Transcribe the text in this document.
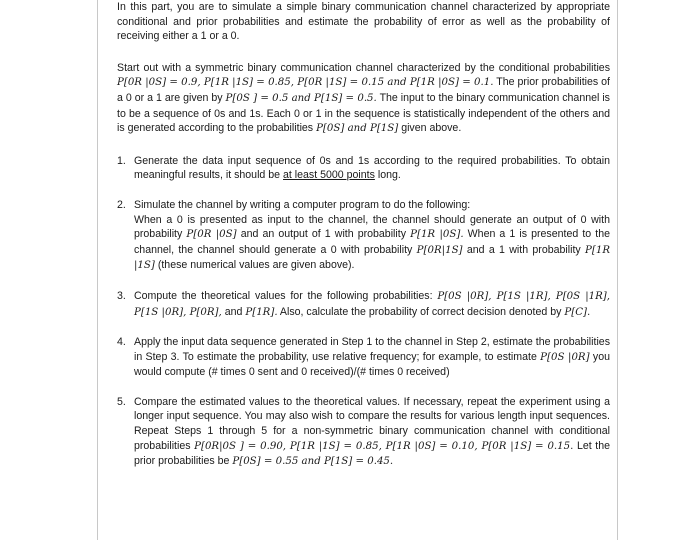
In this part, you are to simulate a simple binary communication channel characterized by appropriate conditional and prior probabilities and estimate the probability of error as well as the probability of receiving either a 1 or a 0.

Start out with a symmetric binary communication channel characterized by the conditional probabilities P[0R |0S] = 0.9, P[1R |1S] = 0.85, P[0R |1S] = 0.15 and P[1R |0S] = 0.1. The prior probabilities of a 0 or a 1 are given by P[0S ] = 0.5 and P[1S] = 0.5. The input to the binary communication channel is to be a sequence of 0s and 1s. Each 0 or 1 in the sequence is statistically independent of the others and is generated according to the probabilities P[0S] and P[1S] given above.

1. Generate the data input sequence of 0s and 1s according to the required probabilities. To obtain meaningful results, it should be at least 5000 points long.
2. Simulate the channel by writing a computer program to do the following:
When a 0 is presented as input to the channel, the channel should generate an output of 0 with probability P[0R |0S] and an output of 1 with probability P[1R |0S]. When a 1 is presented to the channel, the channel should generate a 0 with probability P[0R|1S] and a 1 with probability P[1R |1S] (these numerical values are given above).
3. Compute the theoretical values for the following probabilities: P[0S |0R], P[1S |1R], P[0S |1R], P[1S |0R], P[0R], and P[1R]. Also, calculate the probability of correct decision denoted by P[C].
4. Apply the input data sequence generated in Step 1 to the channel in Step 2, estimate the probabilities in Step 3. To estimate the probability, use relative frequency; for example, to estimate P[0S |0R] you would compute (# times 0 sent and 0 received)/(# times 0 received)
5. Compare the estimated values to the theoretical values. If necessary, repeat the experiment using a longer input sequence. You may also wish to compare the results for various length input sequences. Repeat Steps 1 through 5 for a non-symmetric binary communication channel with conditional probabilities P[0R|0S ] = 0.90, P[1R |1S] = 0.85, P[1R |0S] = 0.10, P[0R |1S] = 0.15. Let the prior probabilities be P[0S] = 0.55 and P[1S] = 0.45.
